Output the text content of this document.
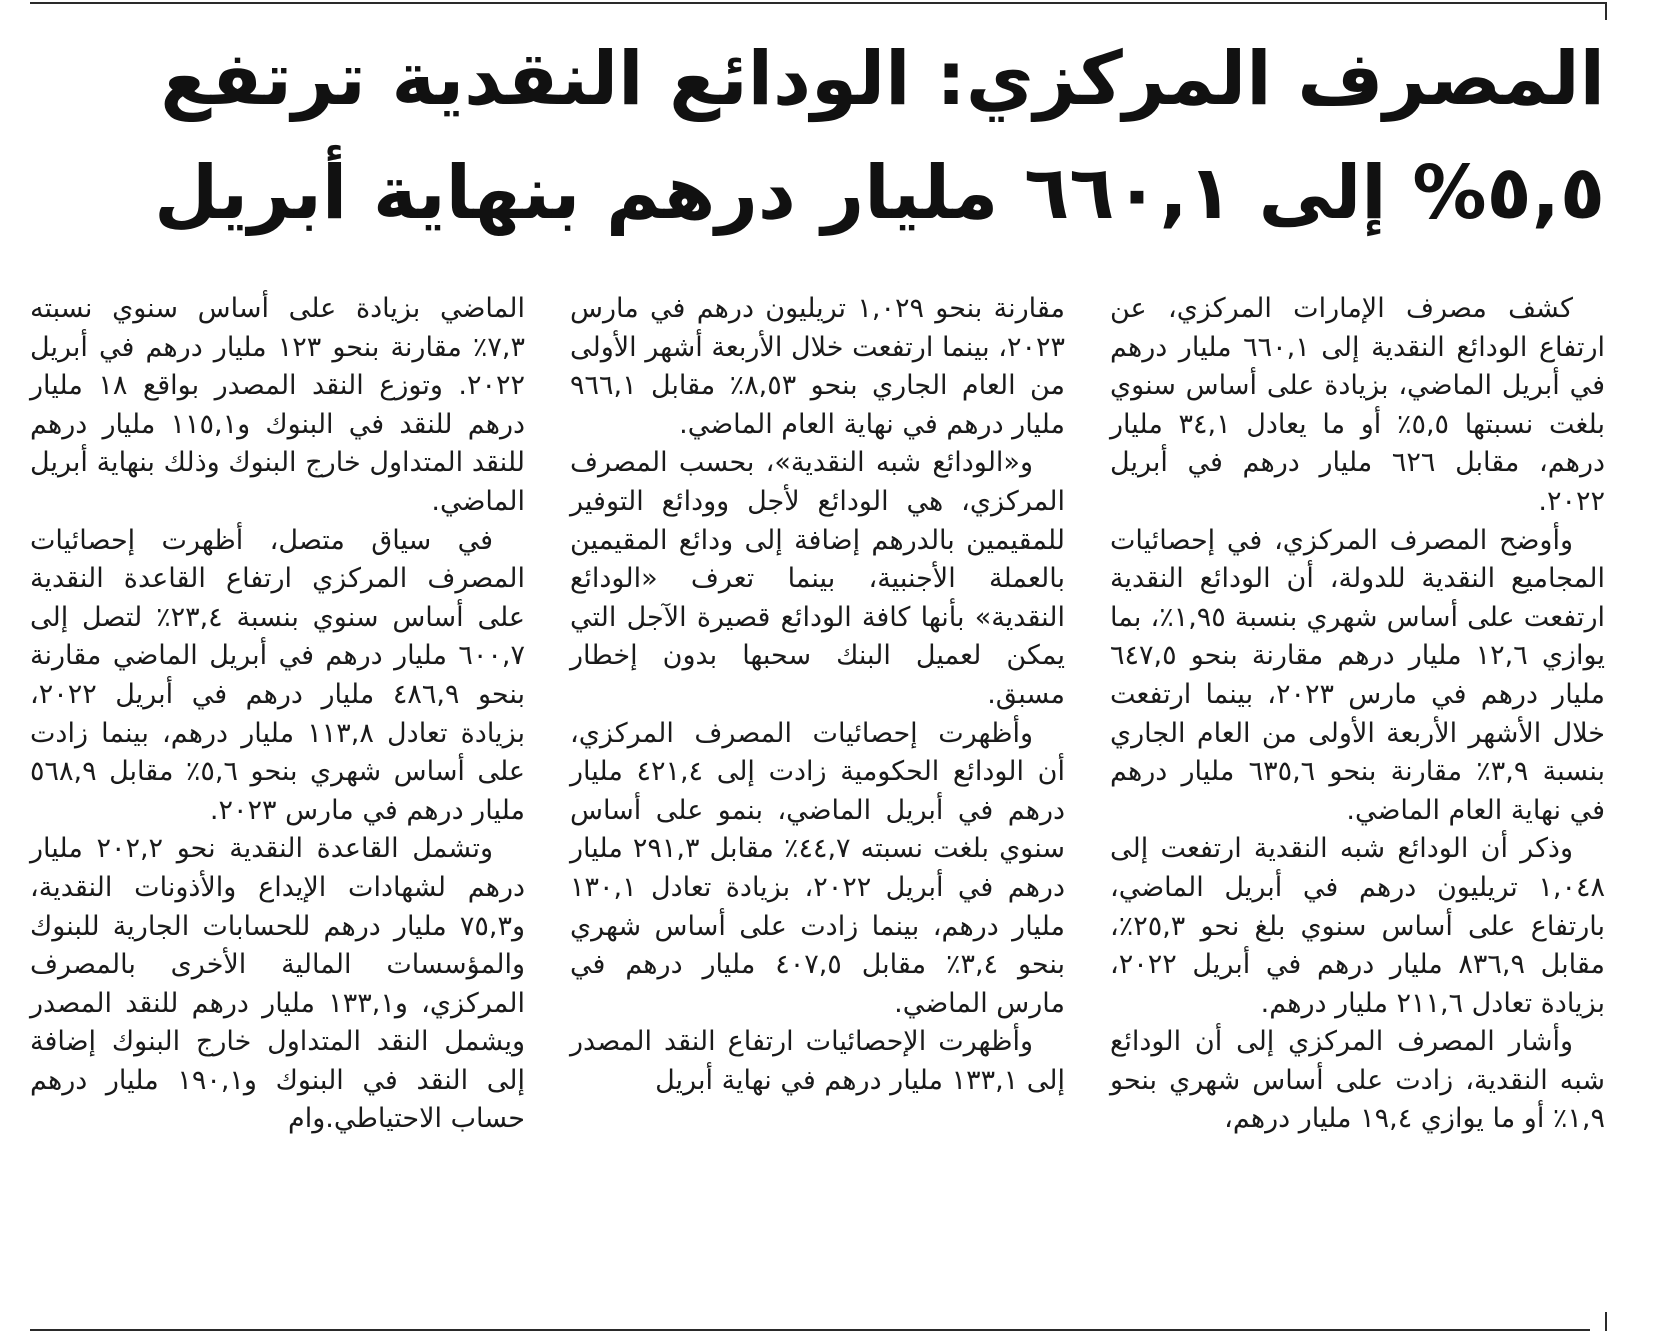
المصرف المركزي: الودائع النقدية ترتفع ٥,٥% إلى ٦٦٠,١ مليار درهم بنهاية أبريل

كشف مصرف الإمارات المركزي، عن ارتفاع الودائع النقدية إلى ٦٦٠,١ مليار درهم في أبريل الماضي، بزيادة على أساس سنوي بلغت نسبتها ٥,٥٪ أو ما يعادل ٣٤,١ مليار درهم، مقابل ٦٢٦ مليار درهم في أبريل ٢٠٢٢.

وأوضح المصرف المركزي، في إحصائيات المجاميع النقدية للدولة، أن الودائع النقدية ارتفعت على أساس شهري بنسبة ١,٩٥٪، بما يوازي ١٢,٦ مليار درهم مقارنة بنحو ٦٤٧,٥ مليار درهم في مارس ٢٠٢٣، بينما ارتفعت خلال الأشهر الأربعة الأولى من العام الجاري بنسبة ٣,٩٪ مقارنة بنحو ٦٣٥,٦ مليار درهم في نهاية العام الماضي.

وذكر أن الودائع شبه النقدية ارتفعت إلى ١,٠٤٨ تريليون درهم في أبريل الماضي، بارتفاع على أساس سنوي بلغ نحو ٢٥,٣٪، مقابل ٨٣٦,٩ مليار درهم في أبريل ٢٠٢٢، بزيادة تعادل ٢١١,٦ مليار درهم.

وأشار المصرف المركزي إلى أن الودائع شبه النقدية، زادت على أساس شهري بنحو ١,٩٪ أو ما يوازي ١٩,٤ مليار درهم،

مقارنة بنحو ١,٠٢٩ تريليون درهم في مارس ٢٠٢٣، بينما ارتفعت خلال الأربعة أشهر الأولى من العام الجاري بنحو ٨,٥٣٪ مقابل ٩٦٦,١ مليار درهم في نهاية العام الماضي.

و«الودائع شبه النقدية»، بحسب المصرف المركزي، هي الودائع لأجل وودائع التوفير للمقيمين بالدرهم إضافة إلى ودائع المقيمين بالعملة الأجنبية، بينما تعرف «الودائع النقدية» بأنها كافة الودائع قصيرة الآجل التي يمكن لعميل البنك سحبها بدون إخطار مسبق.

وأظهرت إحصائيات المصرف المركزي، أن الودائع الحكومية زادت إلى ٤٢١,٤ مليار درهم في أبريل الماضي، بنمو على أساس سنوي بلغت نسبته ٤٤,٧٪ مقابل ٢٩١,٣ مليار درهم في أبريل ٢٠٢٢، بزيادة تعادل ١٣٠,١ مليار درهم، بينما زادت على أساس شهري بنحو ٣,٤٪ مقابل ٤٠٧,٥ مليار درهم في مارس الماضي.

وأظهرت الإحصائيات ارتفاع النقد المصدر إلى ١٣٣,١ مليار درهم في نهاية أبريل

الماضي بزيادة على أساس سنوي نسبته ٧,٣٪ مقارنة بنحو ١٢٣ مليار درهم في أبريل ٢٠٢٢. وتوزع النقد المصدر بواقع ١٨ مليار درهم للنقد في البنوك و١١٥,١ مليار درهم للنقد المتداول خارج البنوك وذلك بنهاية أبريل الماضي.

في سياق متصل، أظهرت إحصائيات المصرف المركزي ارتفاع القاعدة النقدية على أساس سنوي بنسبة ٢٣,٤٪ لتصل إلى ٦٠٠,٧ مليار درهم في أبريل الماضي مقارنة بنحو ٤٨٦,٩ مليار درهم في أبريل ٢٠٢٢، بزيادة تعادل ١١٣,٨ مليار درهم، بينما زادت على أساس شهري بنحو ٥,٦٪ مقابل ٥٦٨,٩ مليار درهم في مارس ٢٠٢٣.

وتشمل القاعدة النقدية نحو ٢٠٢,٢ مليار درهم لشهادات الإيداع والأذونات النقدية، و٧٥,٣ مليار درهم للحسابات الجارية للبنوك والمؤسسات المالية الأخرى بالمصرف المركزي، و١٣٣,١ مليار درهم للنقد المصدر ويشمل النقد المتداول خارج البنوك إضافة إلى النقد في البنوك و١٩٠,١ مليار درهم حساب الاحتياطي.وام
